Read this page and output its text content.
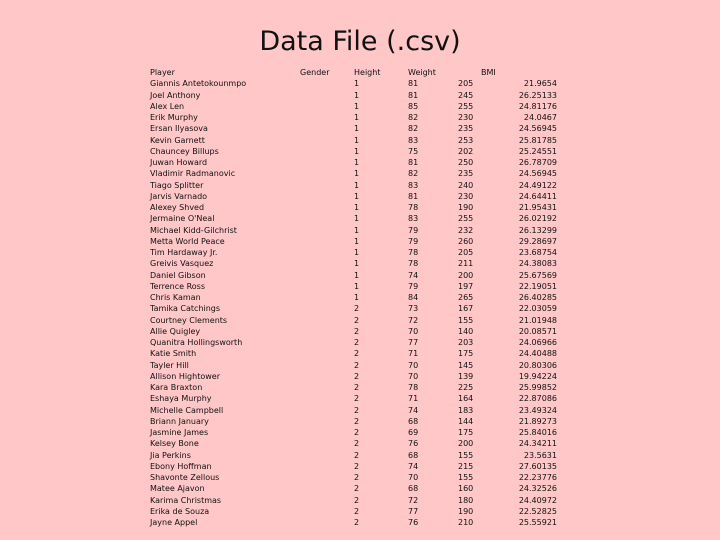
Data File (.csv)
Player
Giannis Antetokounmpo
Joel Anthony
Alex Len
Erik Murphy
Ersan Ilyasova
Kevin Garnett
Chauncey Billups
Juwan Howard
Vladimir Radmanovic
Tiago Splitter
Jarvis Varnado
Alexey Shved
Jermaine O'Neal
Michael Kidd-Gilchrist
Metta World Peace
Tim Hardaway Jr.
Greivis Vasquez
Daniel Gibson
Terrence Ross
Chris Kaman
Tamika Catchings
Courtney Clements
Allie Quigley
Quanitra Hollingsworth
Katie Smith
Tayler Hill
Allison Hightower
Kara Braxton
Eshaya Murphy
Michelle Campbell
Briann January
Jasmine James
Kelsey Bone
Jia Perkins
Ebony Hoffman
Shavonte Zellous
Matee Ajavon
Karima Christmas
Erika de Souza
Jayne Appel
Gender	Height
1
1
1
1
1
1
1
1
1
1
1
1
1
1
1
1
1
1
1
1
2
2
2
2
2
2
2
2
2
2
2
2
2
2
2
2
2
2
2
2
Weight
81
81
85
82
82
83
75
81
82
83
81
78
83
79
79
78
78
74
79
84
73
72
70
77
71
70
70
78
71
74
68
69
76
68
74
70
68
72
77
76
BMI
205
245
255
230
235
253
202
250
235
240
230
190
255
232
260
205
211
200
197
265
167
155
140
203
175
145
139
225
164
183
144
175
200
155
215
155
160
180
190
210
21.9654
26.25133
24.81176
24.0467
24.56945
25.81785
25.24551
26.78709
24.56945
24.49122
24.64411
21.95431
26.02192
26.13299
29.28697
23.68754
24.38083
25.67569
22.19051
26.40285
22.03059
21.01948
20.08571
24.06966
24.40488
20.80306
19.94224
25.99852
22.87086
23.49324
21.89273
25.84016
24.34211
23.5631
27.60135
22.23776
24.32526
24.40972
22.52825
25.55921
